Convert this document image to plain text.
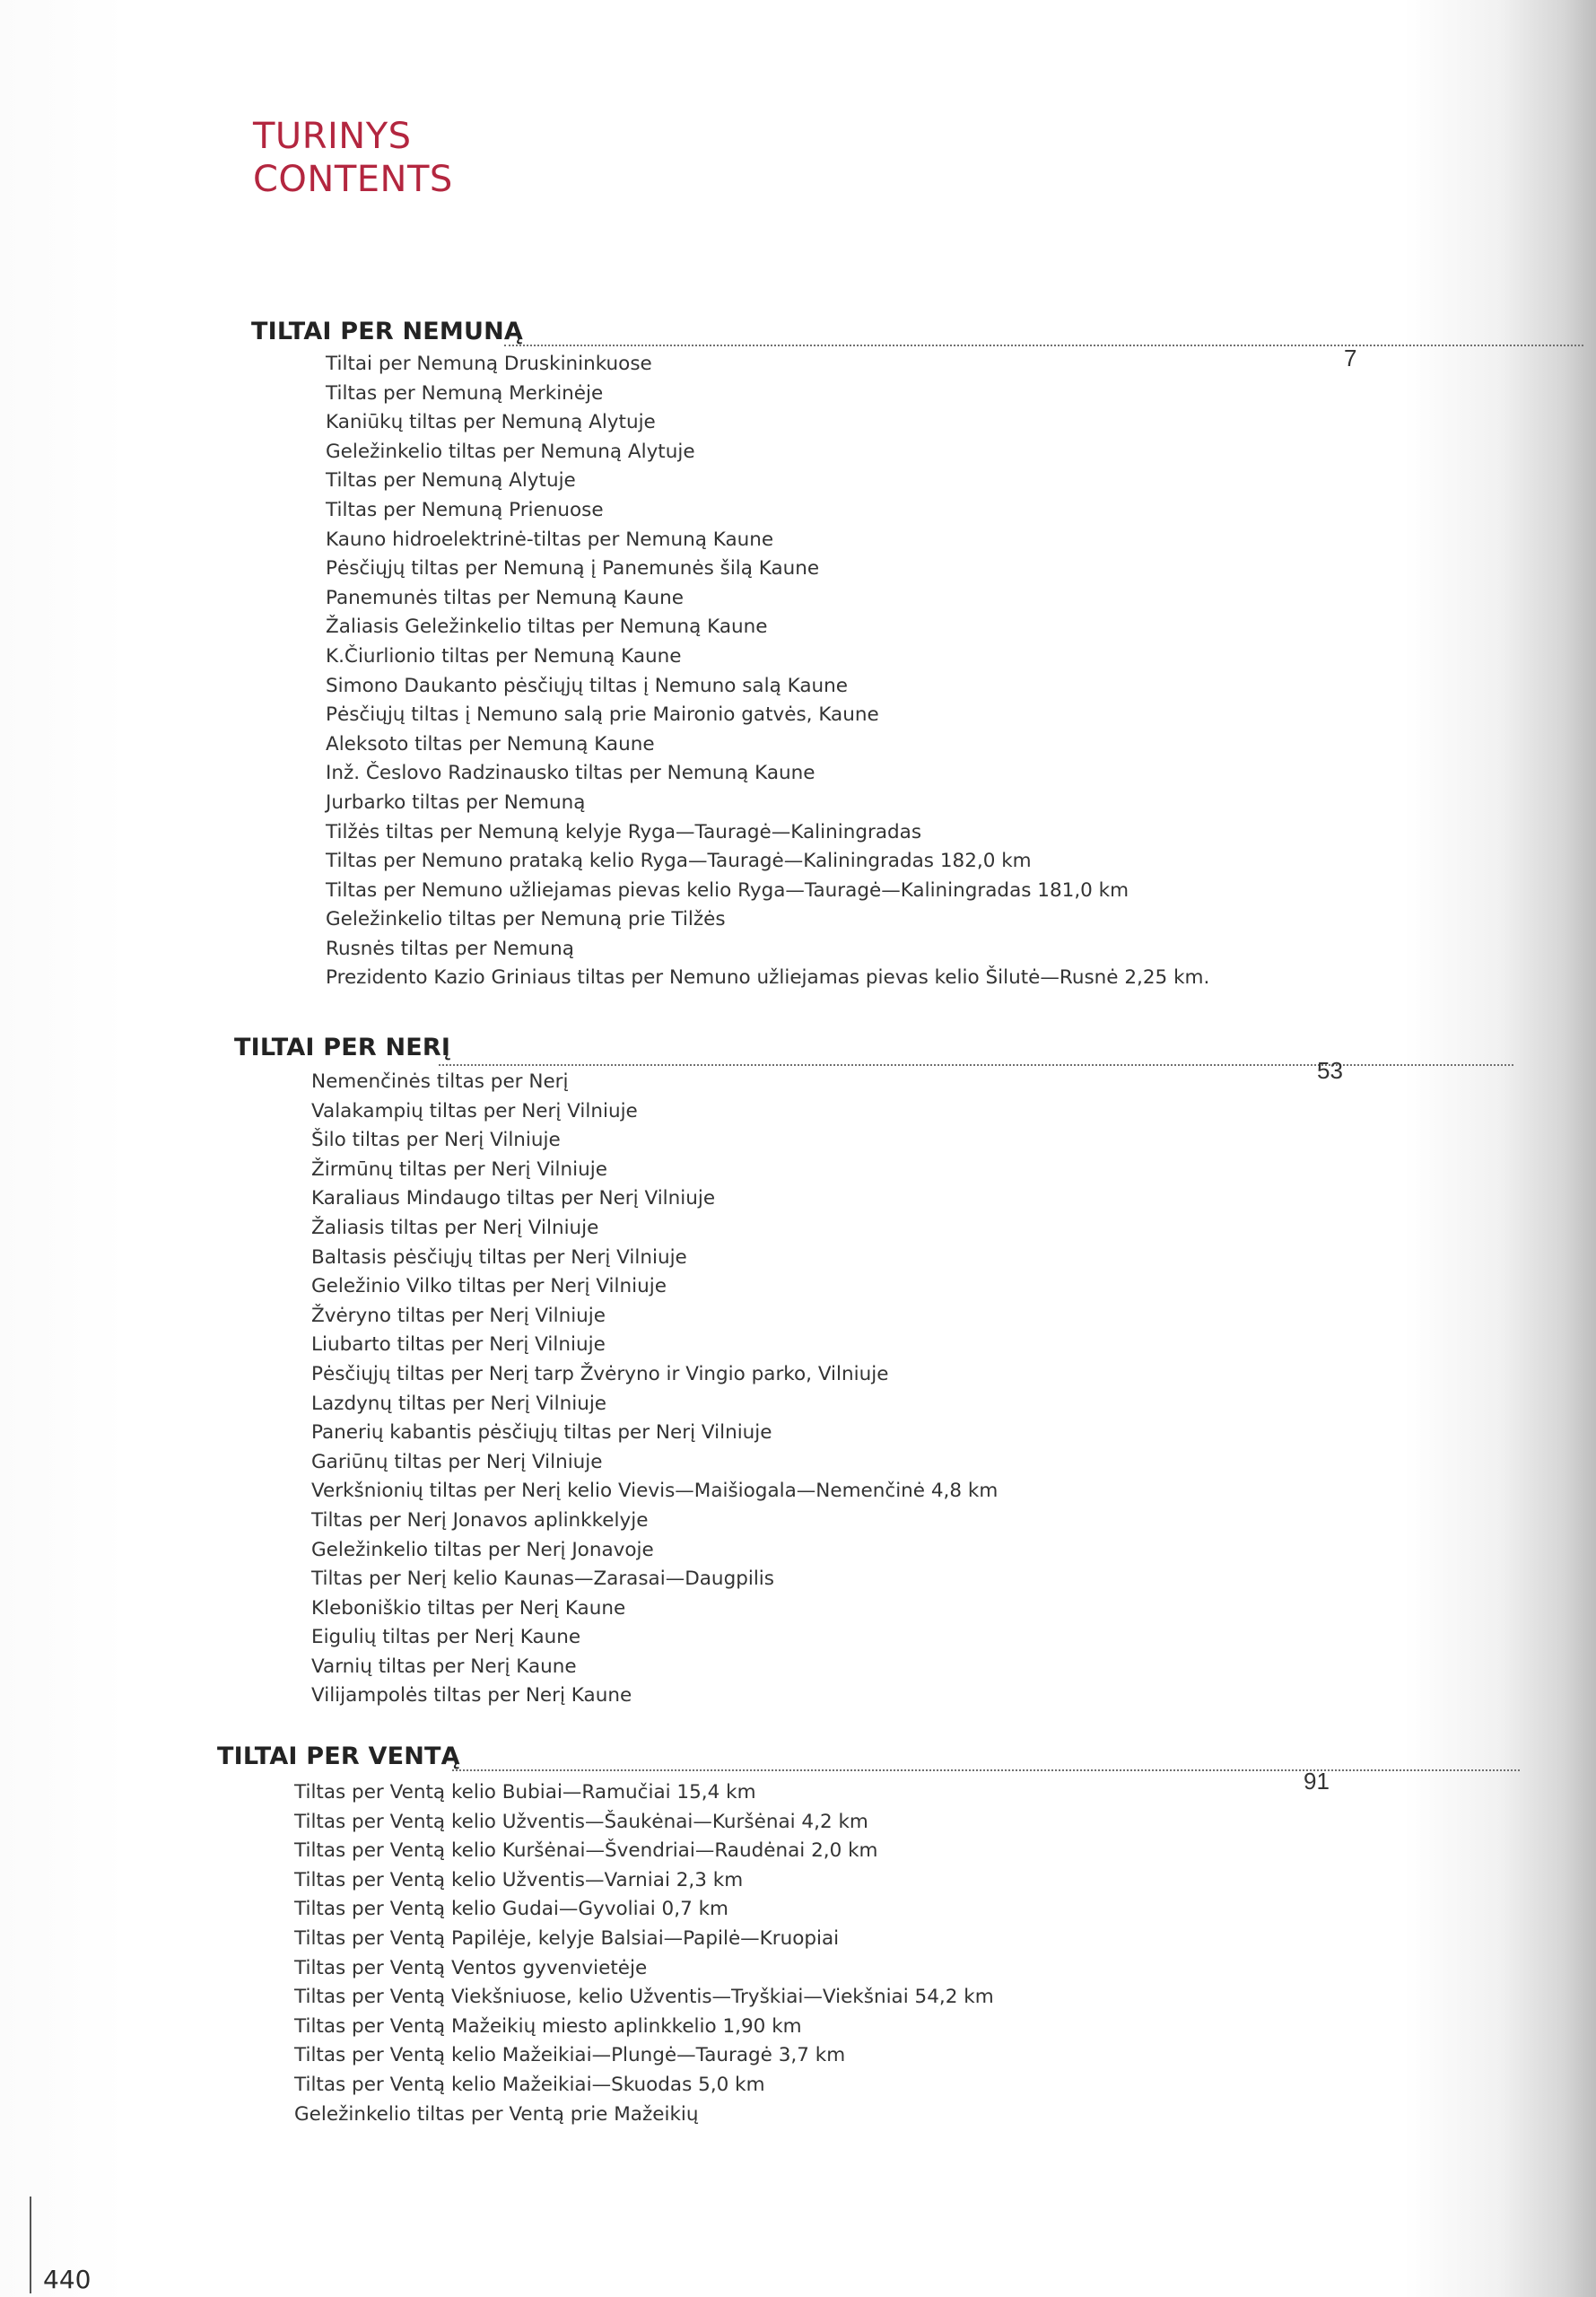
TURINYS
CONTENTS
TILTAI PER NEMUNĄ
7
Tiltai per Nemuną Druskininkuose
Tiltas per Nemuną Merkinėje
Kaniūkų tiltas per Nemuną Alytuje
Geležinkelio tiltas per Nemuną Alytuje
Tiltas per Nemuną Alytuje
Tiltas per Nemuną Prienuose
Kauno hidroelektrinė-tiltas per Nemuną Kaune
Pėsčiųjų tiltas per Nemuną į Panemunės šilą Kaune
Panemunės tiltas per Nemuną Kaune
Žaliasis Geležinkelio tiltas per Nemuną Kaune
K.Čiurlionio tiltas per Nemuną Kaune
Simono Daukanto pėsčiųjų tiltas į Nemuno salą Kaune
Pėsčiųjų tiltas į Nemuno salą prie Maironio gatvės, Kaune
Aleksoto tiltas per Nemuną Kaune
Inž. Česlovo Radzinausko tiltas per Nemuną Kaune
Jurbarko tiltas per Nemuną
Tilžės tiltas per Nemuną kelyje Ryga—Tauragė—Kaliningradas
Tiltas per Nemuno prataką kelio Ryga—Tauragė—Kaliningradas 182,0 km
Tiltas per Nemuno užliejamas pievas kelio Ryga—Tauragė—Kaliningradas 181,0 km
Geležinkelio tiltas per Nemuną prie Tilžės
Rusnės tiltas per Nemuną
Prezidento Kazio Griniaus tiltas per Nemuno užliejamas pievas kelio Šilutė—Rusnė 2,25 km.
TILTAI PER NERĮ
53
Nemenčinės tiltas per Nerį
Valakampių tiltas per Nerį Vilniuje
Šilo tiltas per Nerį Vilniuje
Žirmūnų tiltas per Nerį Vilniuje
Karaliaus Mindaugo tiltas per Nerį Vilniuje
Žaliasis tiltas per Nerį Vilniuje
Baltasis pėsčiųjų tiltas per Nerį Vilniuje
Geležinio Vilko tiltas per Nerį Vilniuje
Žvėryno tiltas per Nerį Vilniuje
Liubarto tiltas per Nerį Vilniuje
Pėsčiųjų tiltas per Nerį tarp Žvėryno ir Vingio parko, Vilniuje
Lazdynų tiltas per Nerį Vilniuje
Panerių kabantis pėsčiųjų tiltas per Nerį Vilniuje
Gariūnų tiltas per Nerį Vilniuje
Verkšnionių tiltas per Nerį kelio Vievis—Maišiogala—Nemenčinė 4,8 km
Tiltas per Nerį Jonavos aplinkkelyje
Geležinkelio tiltas per Nerį Jonavoje
Tiltas per Nerį kelio Kaunas—Zarasai—Daugpilis
Kleboniškio tiltas per Nerį Kaune
Eigulių tiltas per Nerį Kaune
Varnių tiltas per Nerį Kaune
Vilijampolės tiltas per Nerį Kaune
TILTAI PER VENTĄ
91
Tiltas per Ventą kelio Bubiai—Ramučiai 15,4 km
Tiltas per Ventą kelio Užventis—Šaukėnai—Kuršėnai 4,2 km
Tiltas per Ventą kelio Kuršėnai—Švendriai—Raudėnai 2,0 km
Tiltas per Ventą kelio Užventis—Varniai 2,3 km
Tiltas per Ventą kelio Gudai—Gyvoliai 0,7 km
Tiltas per Ventą Papilėje, kelyje Balsiai—Papilė—Kruopiai
Tiltas per Ventą Ventos gyvenvietėje
Tiltas per Ventą Viekšniuose, kelio Užventis—Tryškiai—Viekšniai 54,2 km
Tiltas per Ventą Mažeikių miesto aplinkkelio 1,90 km
Tiltas per Ventą kelio Mažeikiai—Plungė—Tauragė 3,7 km
Tiltas per Ventą kelio Mažeikiai—Skuodas 5,0 km
Geležinkelio tiltas per Ventą prie Mažeikių
440
